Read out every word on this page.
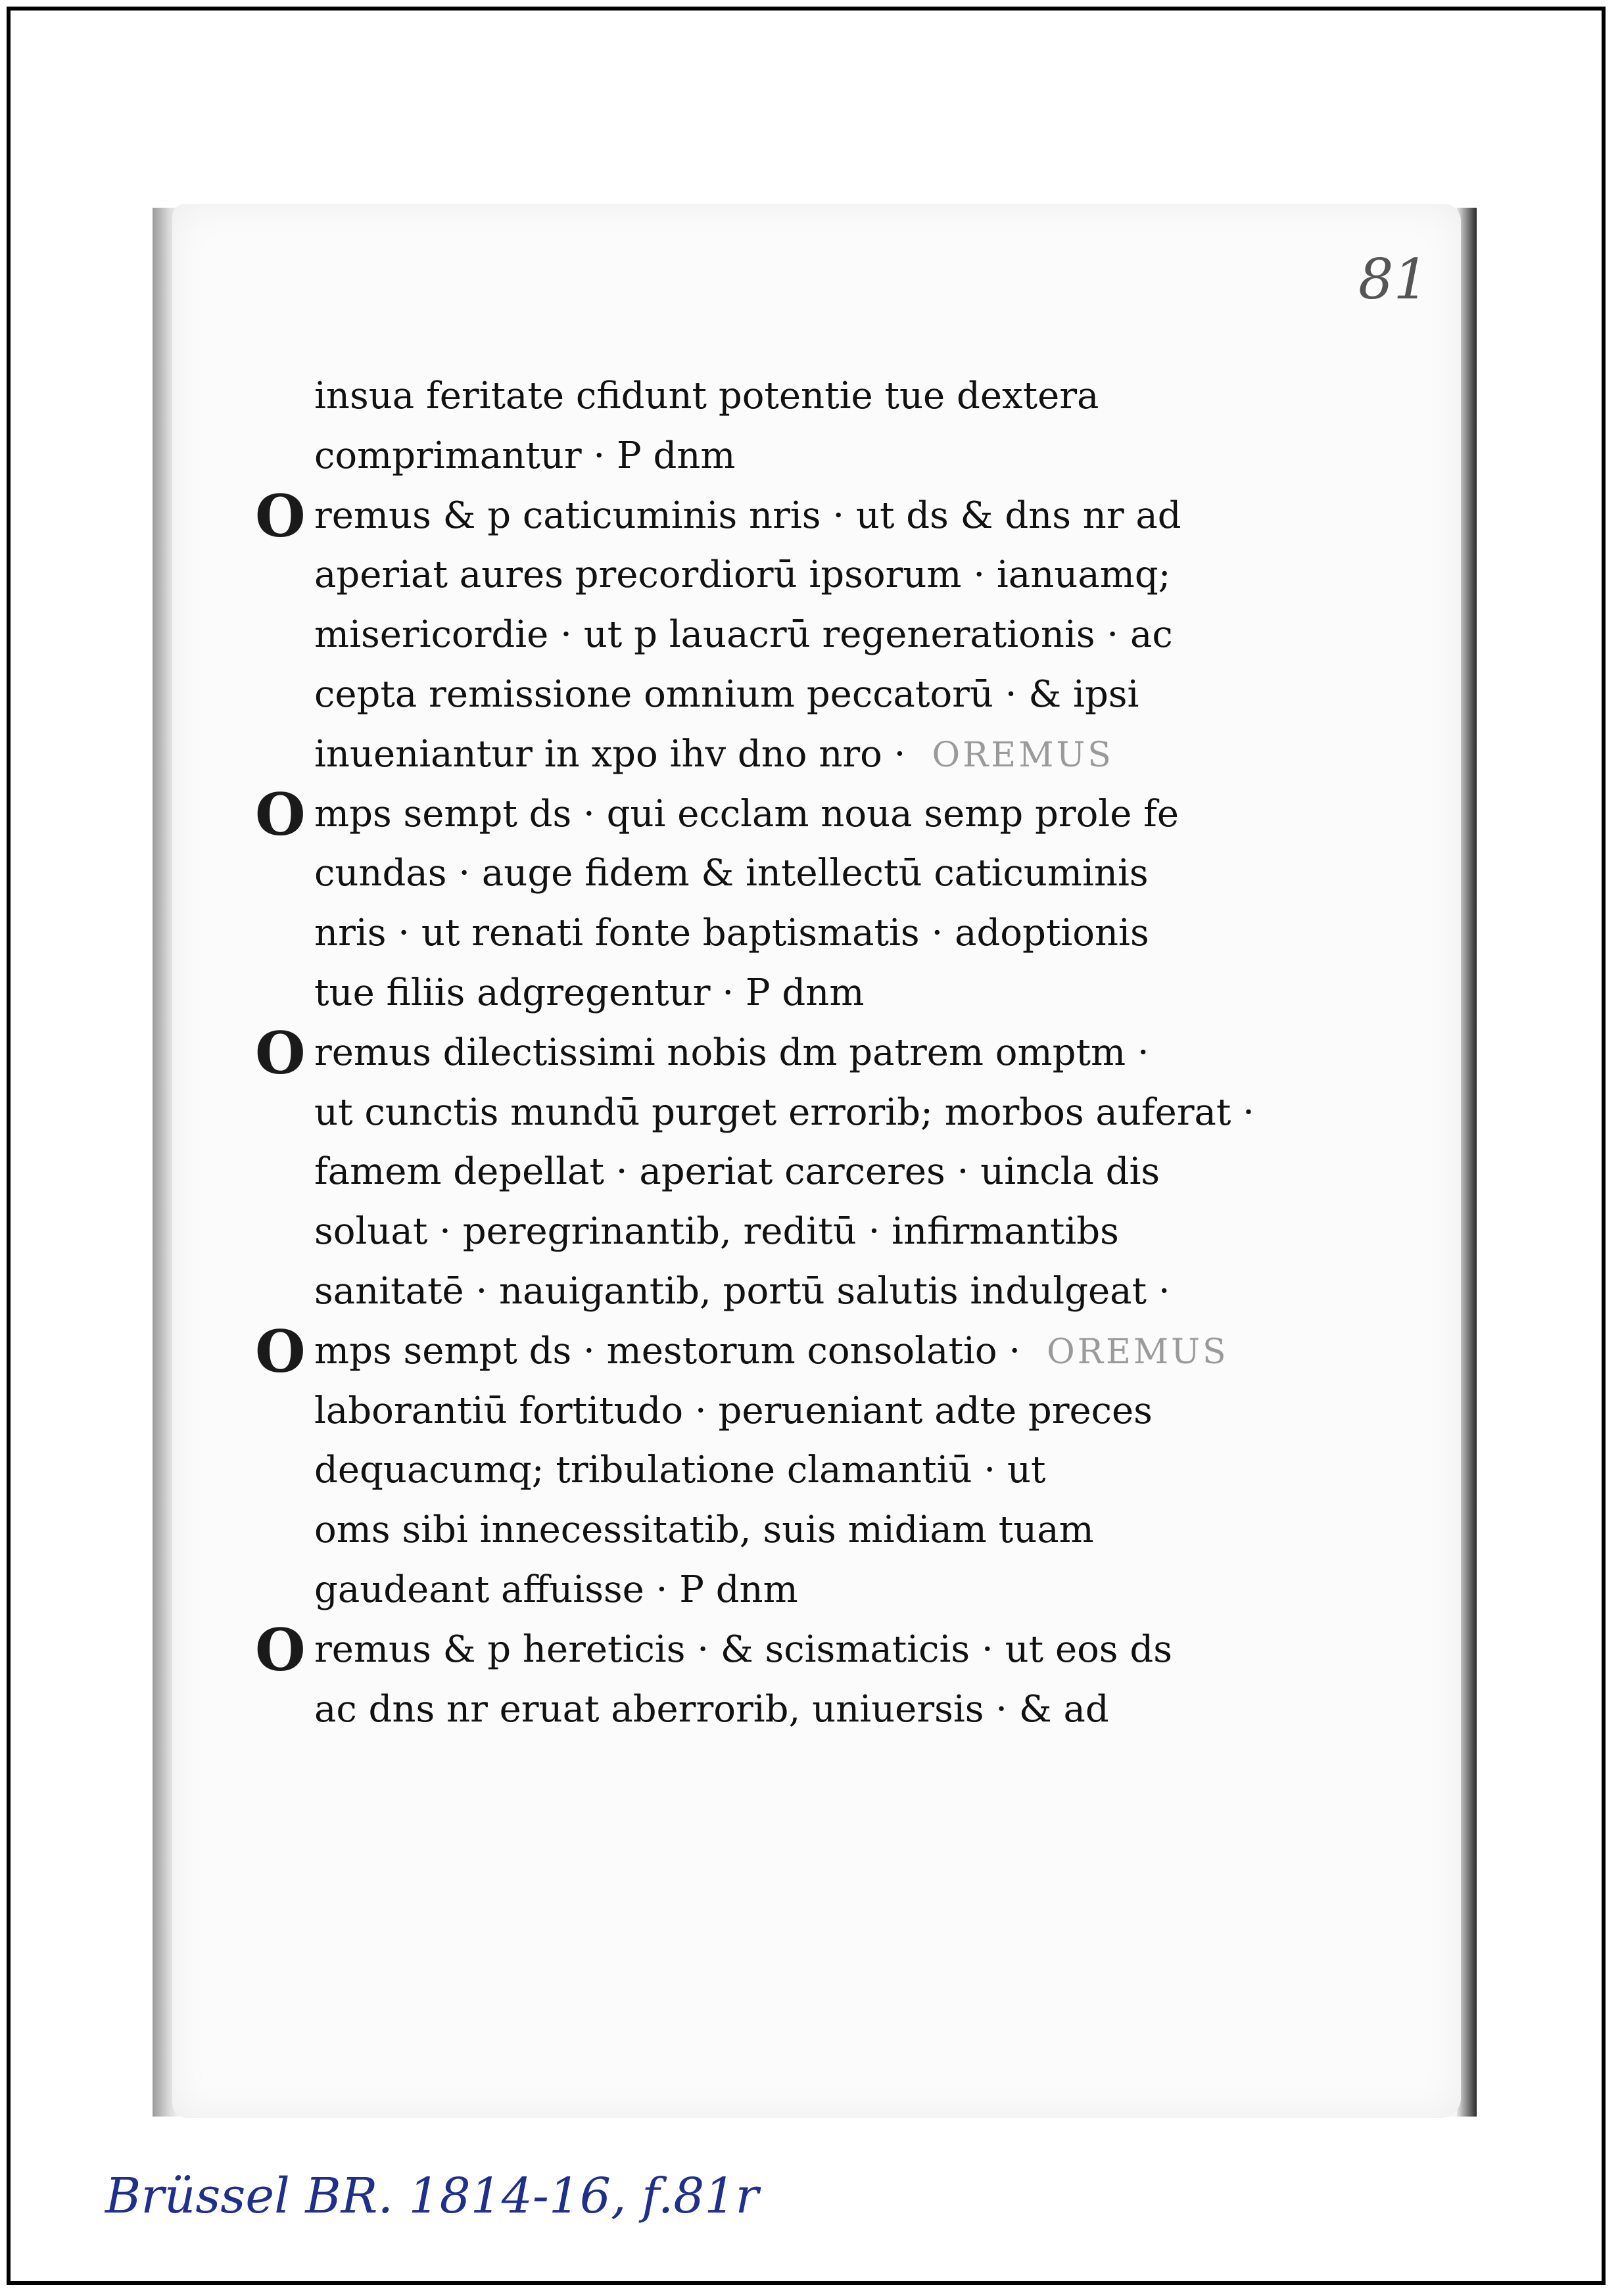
81
insua feritate cfidunt potentie tue dextera
comprimantur · P dnm
O remus & p caticuminis nris · ut ds & dns nr ad
aperiat aures precordiorū ipsorum · ianuamq;
misericordie · ut p lauacrū regenerationis · ac
cepta remissione omnium peccatorū · & ipsi
inueniantur in xpo ihv dno nro · OREMUS
O mps sempt ds · qui ecclam noua semp prole fe
cundas · auge fidem & intellectū caticuminis
nris · ut renati fonte baptismatis · adoptionis
tue filiis adgregentur · P dnm
O remus dilectissimi nobis dm patrem omptm ·
ut cunctis mundū purget errorib; morbos auferat ·
famem depellat · aperiat carceres · uincla dis
soluat · peregrinantib, reditū · infirmantibs
sanitatē · nauigantib, portū salutis indulgeat ·
O mps sempt ds · mestorum consolatio · OREMUS
laborantiū fortitudo · perueniant adte preces
dequacumq; tribulatione clamantiū · ut
oms sibi innecessitatib, suis midiam tuam
gaudeant affuisse · P dnm
O remus & p hereticis · & scismaticis · ut eos ds
ac dns nr eruat aberrorib, uniuersis · & ad
Brüssel BR. 1814-16, f.81r
